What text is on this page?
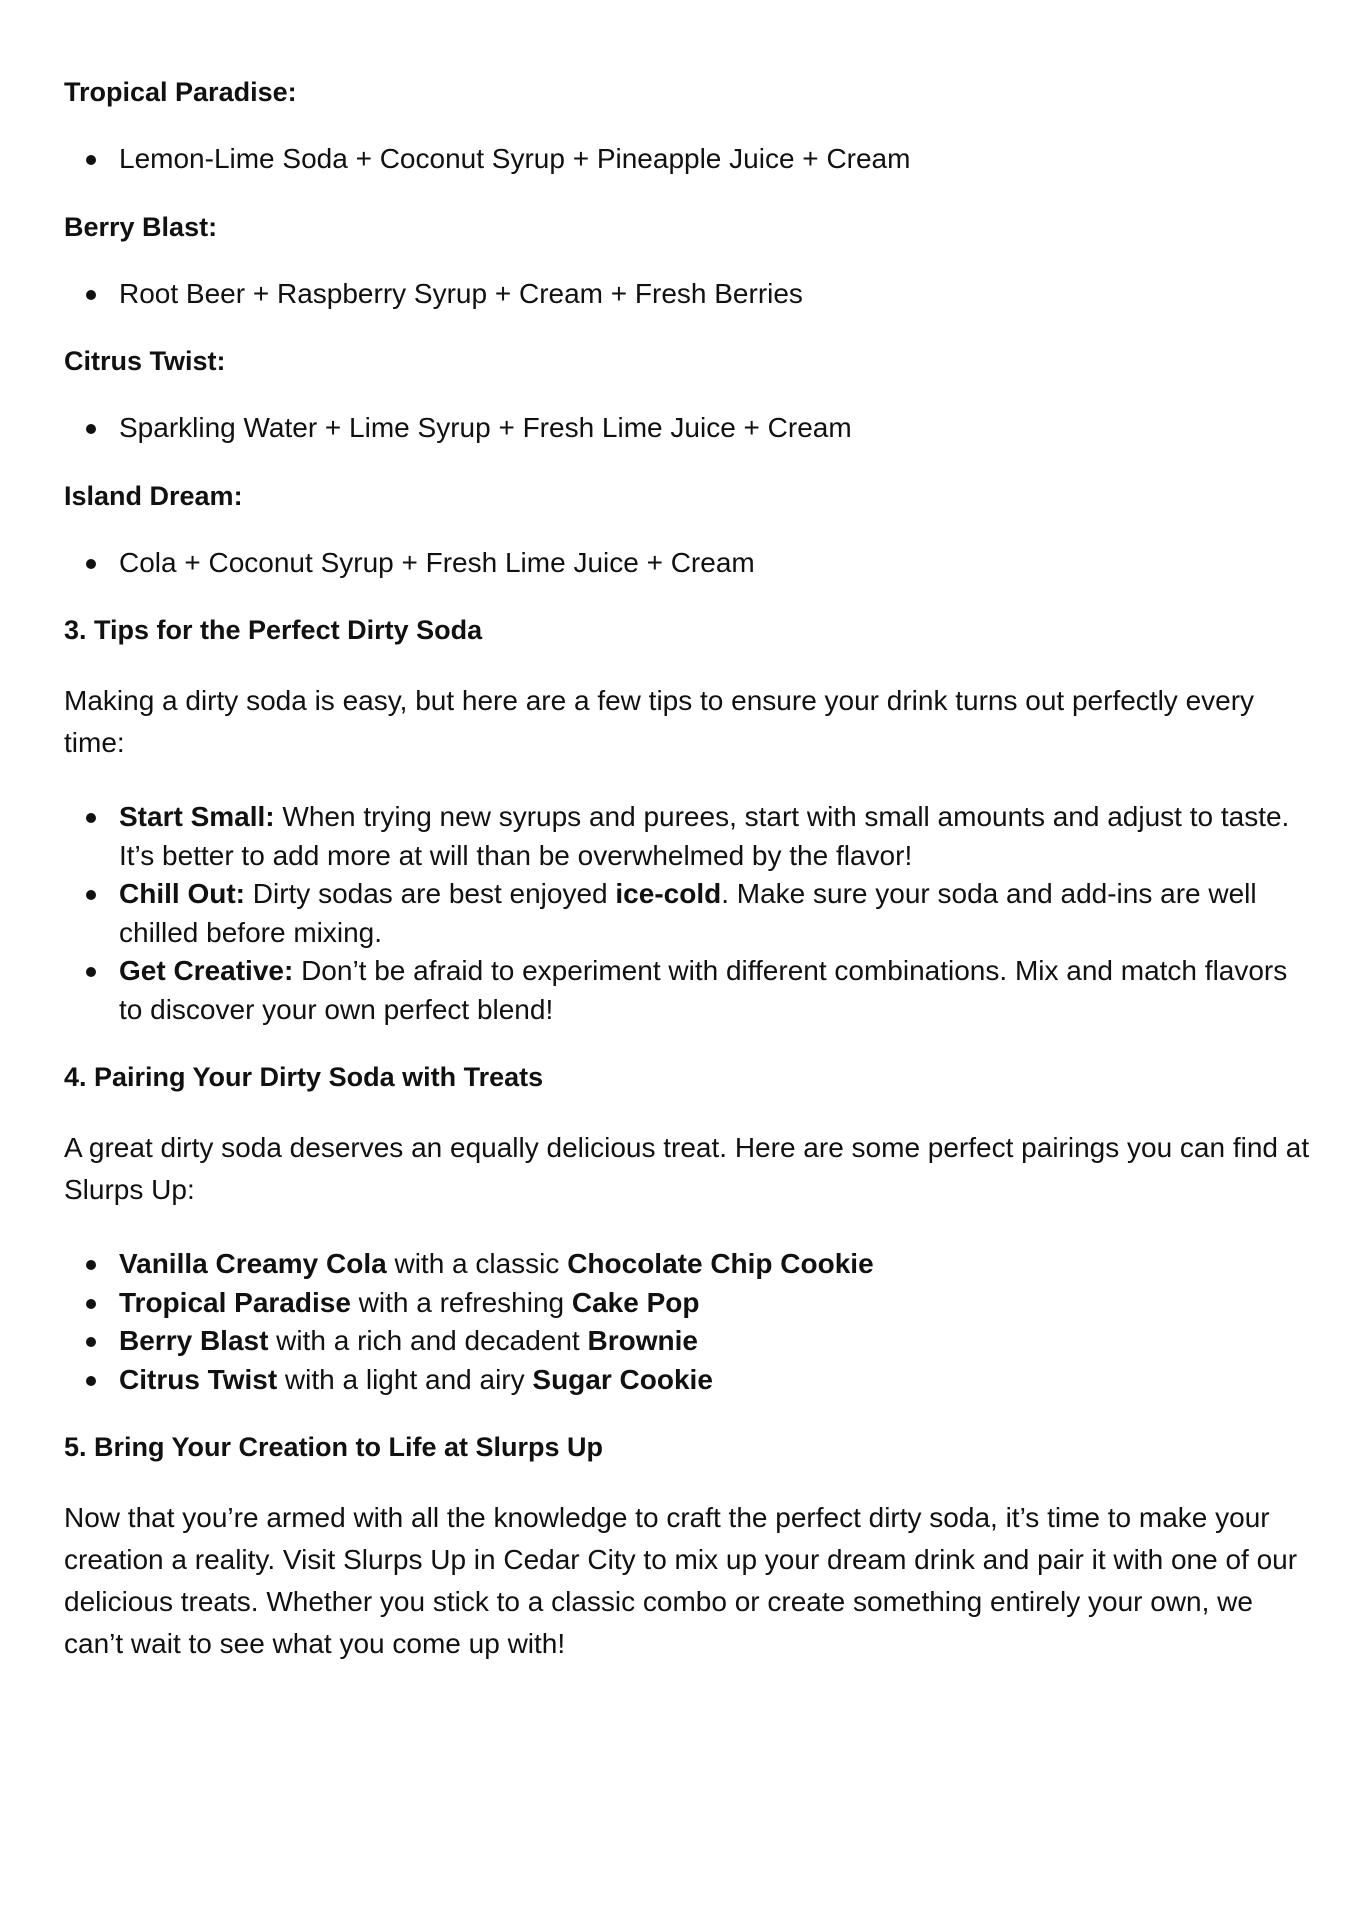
Tropical Paradise:
Lemon-Lime Soda + Coconut Syrup + Pineapple Juice + Cream
Berry Blast:
Root Beer + Raspberry Syrup + Cream + Fresh Berries
Citrus Twist:
Sparkling Water + Lime Syrup + Fresh Lime Juice + Cream
Island Dream:
Cola + Coconut Syrup + Fresh Lime Juice + Cream
3. Tips for the Perfect Dirty Soda

Making a dirty soda is easy, but here are a few tips to ensure your drink turns out perfectly every time:

Start Small: When trying new syrups and purees, start with small amounts and adjust to taste. It’s better to add more at will than be overwhelmed by the flavor!
Chill Out: Dirty sodas are best enjoyed ice-cold. Make sure your soda and add-ins are well chilled before mixing.
Get Creative: Don’t be afraid to experiment with different combinations. Mix and match flavors to discover your own perfect blend!
4. Pairing Your Dirty Soda with Treats

A great dirty soda deserves an equally delicious treat. Here are some perfect pairings you can find at Slurps Up:

Vanilla Creamy Cola with a classic Chocolate Chip Cookie
Tropical Paradise with a refreshing Cake Pop
Berry Blast with a rich and decadent Brownie
Citrus Twist with a light and airy Sugar Cookie
5. Bring Your Creation to Life at Slurps Up

Now that you’re armed with all the knowledge to craft the perfect dirty soda, it’s time to make your creation a reality. Visit Slurps Up in Cedar City to mix up your dream drink and pair it with one of our delicious treats. Whether you stick to a classic combo or create something entirely your own, we can’t wait to see what you come up with!
